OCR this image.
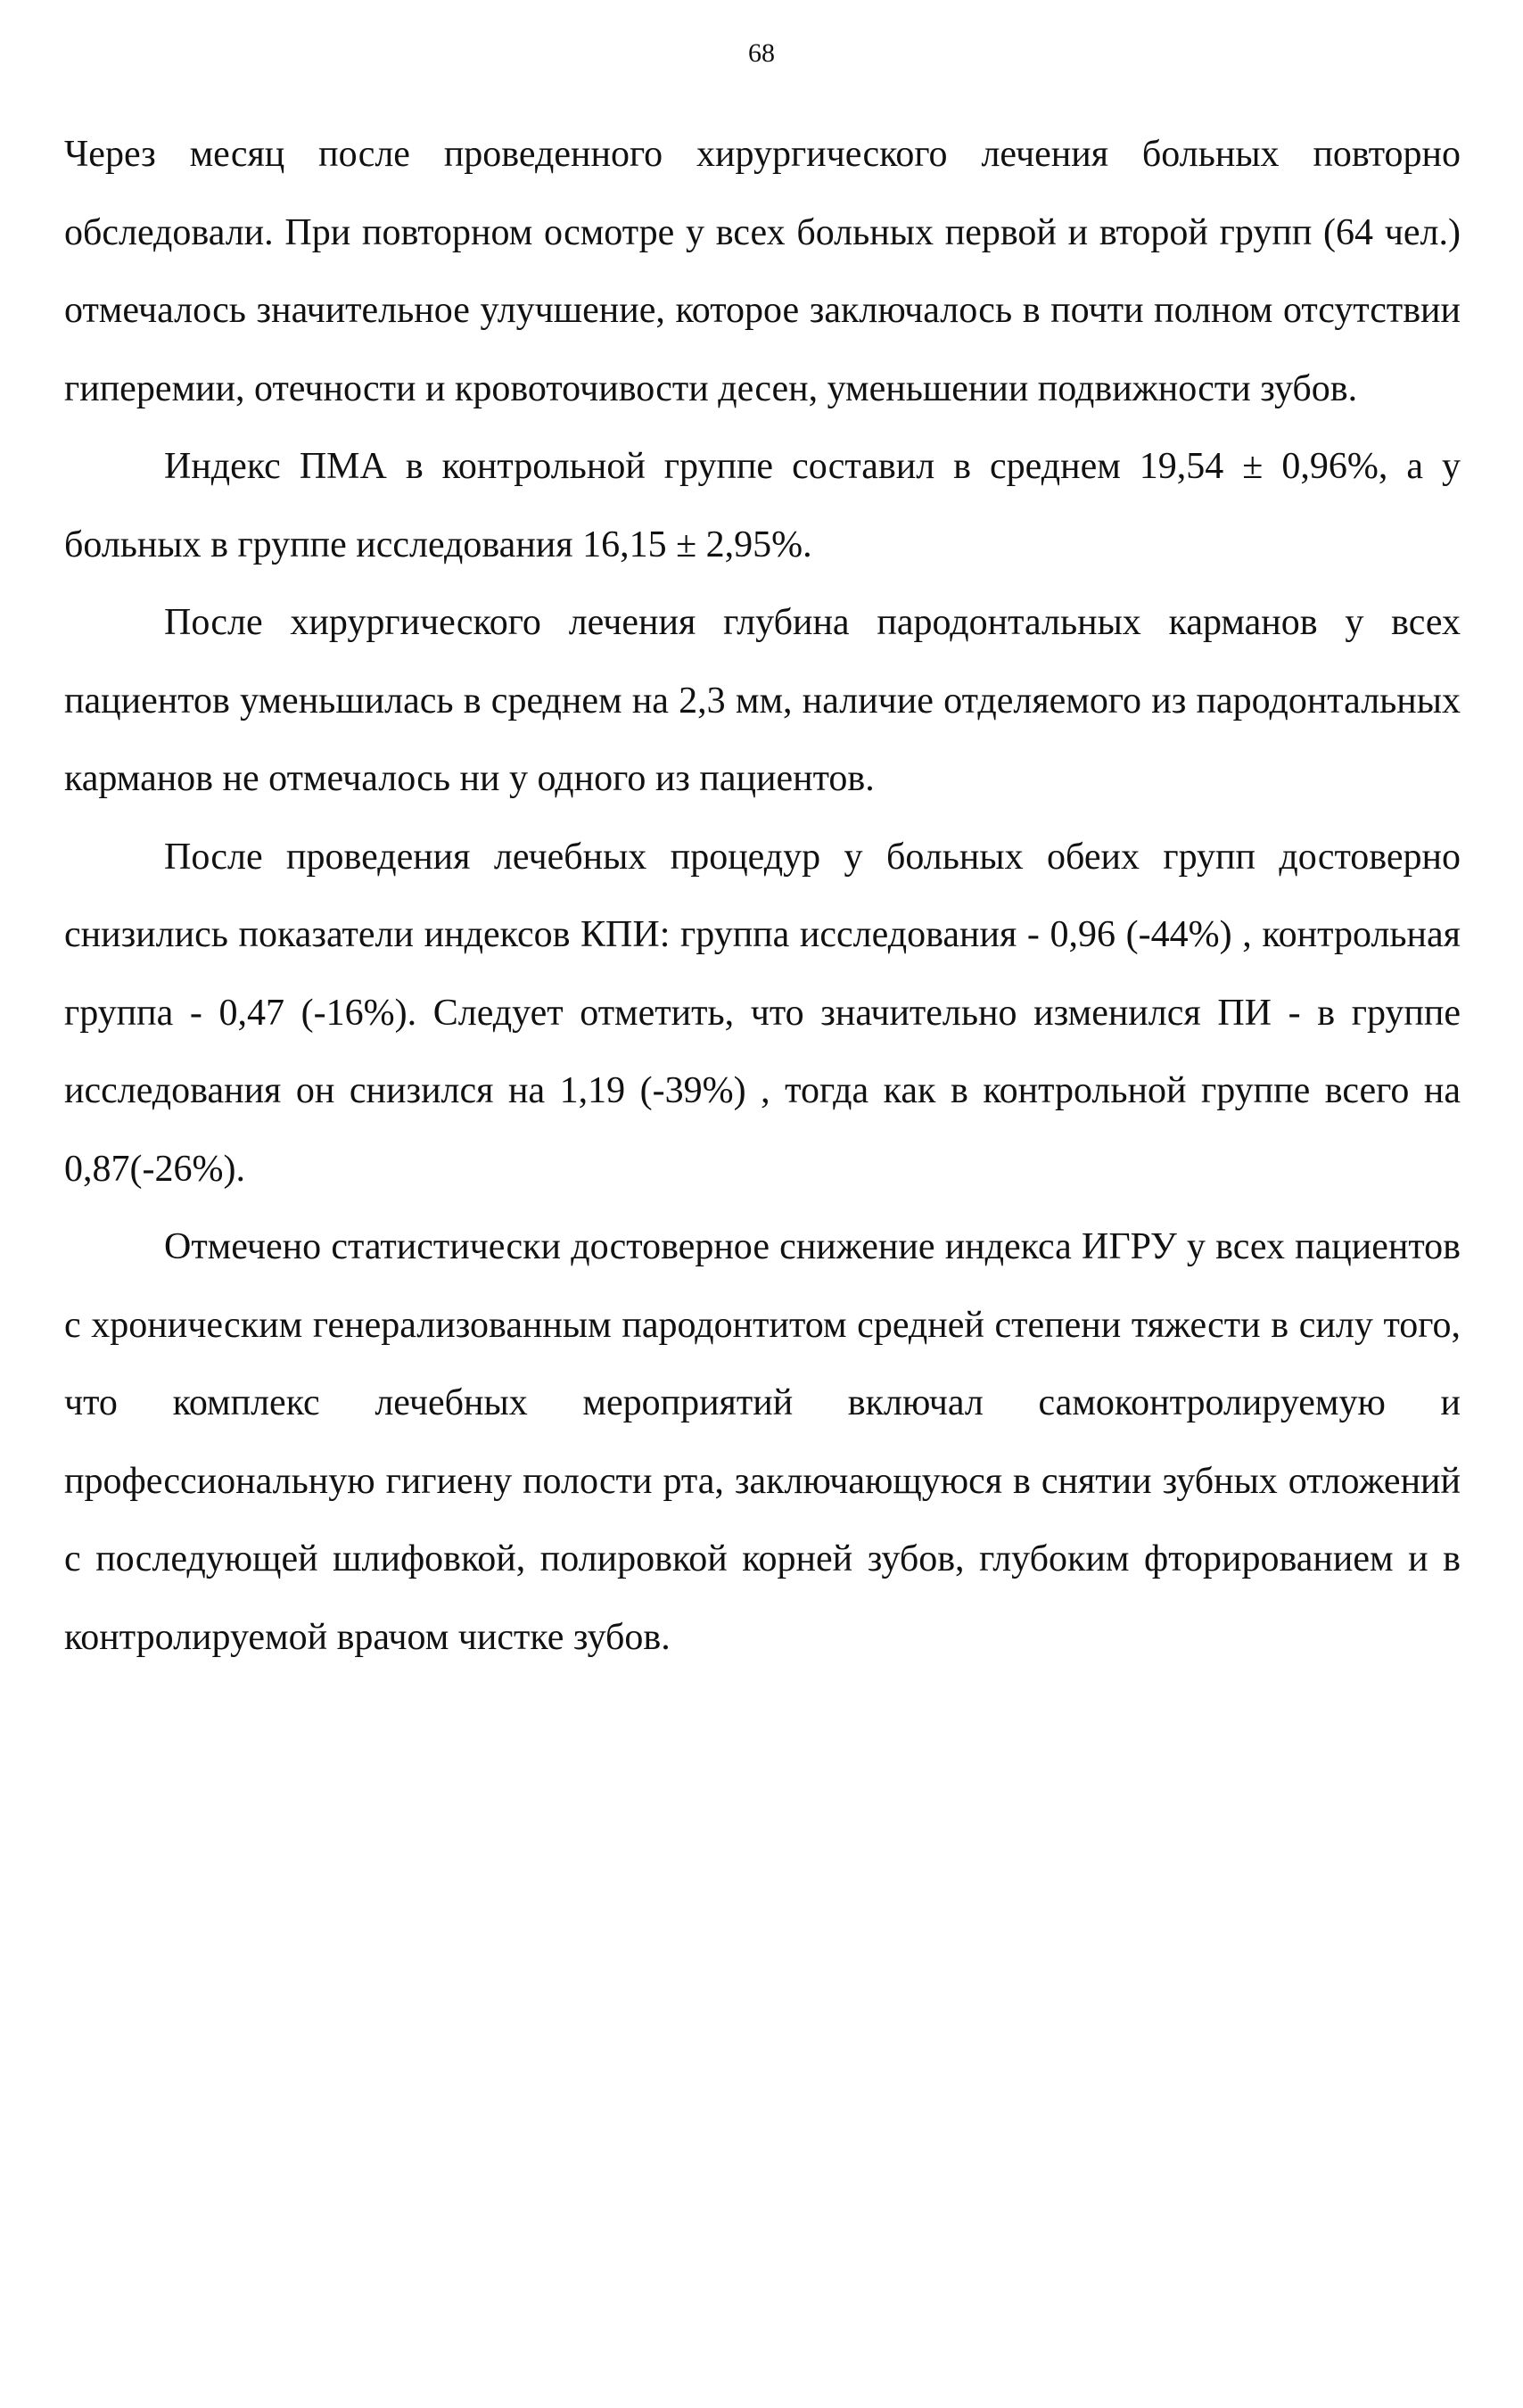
68

Через месяц после проведенного хирургического лечения больных повторно обследовали. При повторном осмотре у всех больных первой и второй групп (64 чел.) отмечалось значительное улучшение, которое заключалось в почти полном отсутствии гиперемии, отечности и кровоточивости десен, уменьшении подвижности зубов.

Индекс ПМА в контрольной группе составил в среднем 19,54 ± 0,96%, а у больных в группе исследования 16,15 ± 2,95%.

После хирургического лечения глубина пародонтальных карманов у всех пациентов уменьшилась в среднем на 2,3 мм, наличие отделяемого из пародонтальных карманов не отмечалось ни у одного из пациентов.

После проведения лечебных процедур у больных обеих групп достоверно снизились показатели индексов КПИ: группа исследования - 0,96 (-44%) , контрольная группа - 0,47 (-16%). Следует отметить, что значительно изменился ПИ - в группе исследования он снизился на 1,19 (-39%) , тогда как в контрольной группе всего на 0,87(-26%).

Отмечено статистически достоверное снижение индекса ИГРУ у всех пациентов с хроническим генерализованным пародонтитом средней степени тяжести в силу того, что комплекс лечебных мероприятий включал самоконтролируемую и профессиональную гигиену полости рта, заключающуюся в снятии зубных отложений с последующей шлифовкой, полировкой корней зубов, глубоким фторированием и в контролируемой врачом чистке зубов.
